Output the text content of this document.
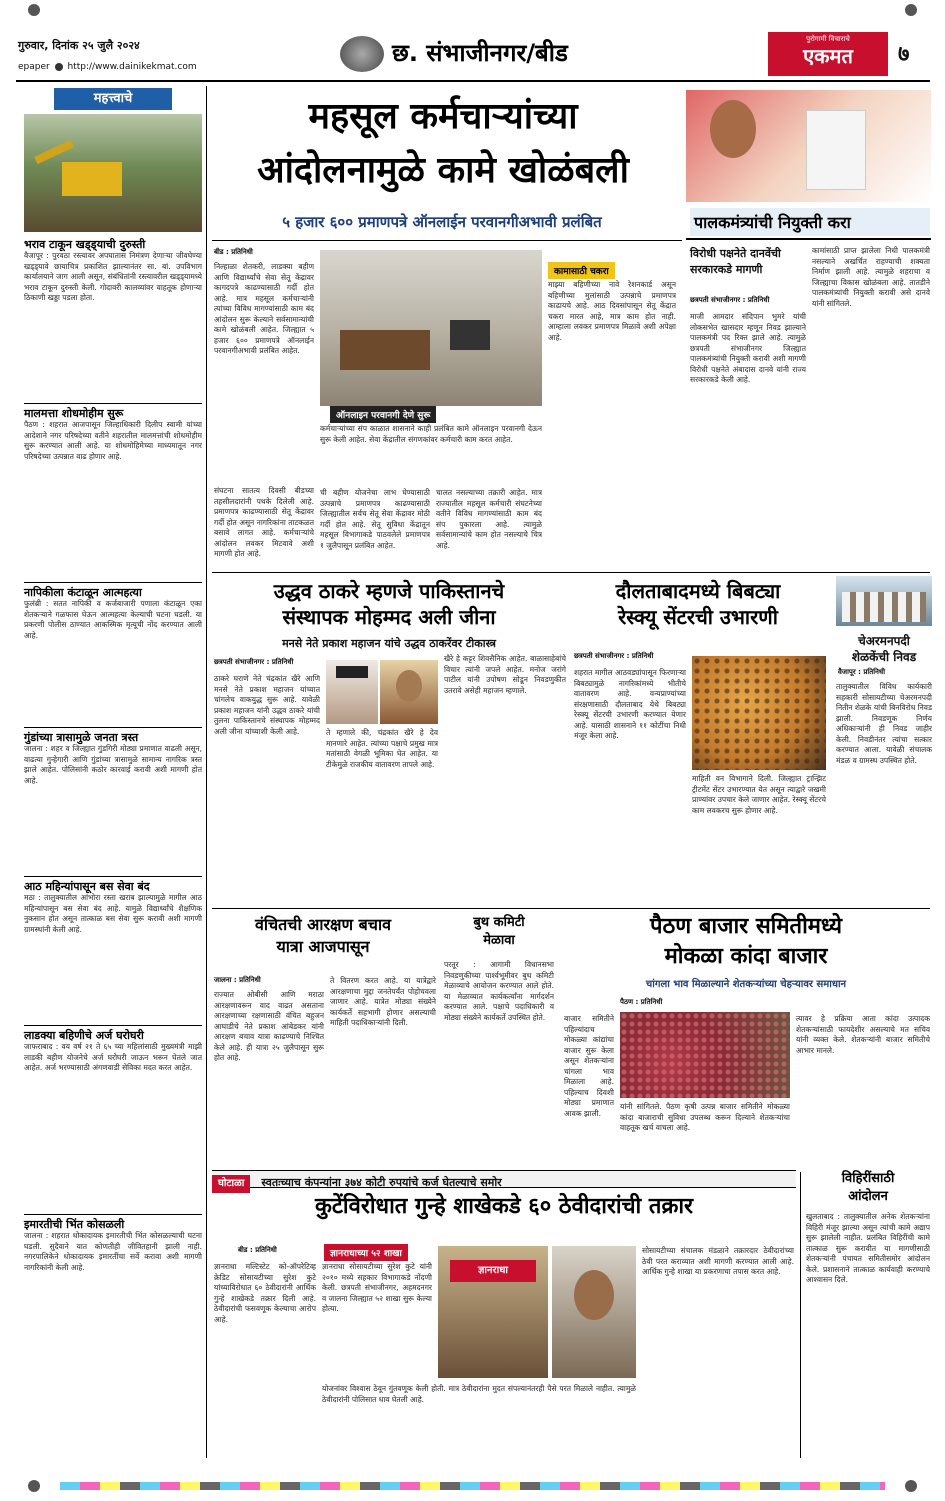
गुरुवार, दिनांक २५ जुलै २०२४
epaper http://www.dainikekmat.com	छ. संभाजीनगर/बीड	पुरोगामी विचाराचे
एकमत	७
महत्त्वाचे
भराव टाकून खड्ड्याची दुरुस्ती
वैजापूर : पुरवठा रस्त्यावर अपघातास निमंत्रण देणाऱ्या जीवघेण्या खड्ड्यावे छायाचित्र प्रकाशित झाल्यानंतर सा. बां. उपविभाग कार्यालयाने जाग आली असून, संबंधितांनी रस्त्यावरील खड्ड्यामध्ये भराव टाकून दुरुस्ती केली. गोदावरी कालव्यांवर वाहतूक होणाऱ्या ठिकाणी खड्डा पडला होता.
मालमत्ता शोधमोहीम सुरू
पैठण : शहरात आजपासून जिल्हाधिकारी दिलीप स्वामी यांच्या आदेशाने नगर परिषदेच्या वतीने शहरातील मालमत्तांची शोधमोहीम सुरू करण्यात आली आहे. या शोधमोहिमेच्या माध्यमातून नगर परिषदेच्या उत्पन्नात वाढ होणार आहे.
नापिकीला कंटाळून आत्महत्या
फुलंब्री : सतत नापिकी व कर्जबाजारी पणाला कंटाळून एका शेतकऱ्याने गळफास घेऊन आत्महत्या केल्याची घटना घडली. या प्रकरणी पोलीस ठाण्यात आकस्मिक मृत्यूची नोंद करण्यात आली आहे.
गुंडांच्या त्रासामुळे जनता त्रस्त
जालना : शहर व जिल्ह्यात गुंडगिरी मोठ्या प्रमाणात वाढली असून, वाढत्या गुन्हेगारी आणि गुंडांच्या त्रासामुळे सामान्य नागरिक त्रस्त झाले आहेत. पोलिसांनी कठोर कारवाई करावी अशी मागणी होत आहे.
आठ महिन्यांपासून बस सेवा बंद
मठा : तालुक्यातील आंभोरा रस्ता खराब झाल्यामुळे मागील आठ महिन्यांपासून बस सेवा बंद आहे. यामुळे विद्यार्थ्यांचे शैक्षणिक नुकसान होत असून तात्काळ बस सेवा सुरू करावी अशी मागणी ग्रामस्थांनी केली आहे.
लाडक्या बहिणीचे अर्ज घरोघरी
जाफराबाद : वय वर्ष २१ ते ६५ च्या महिलांसाठी मुख्यमंत्री माझी लाडकी बहीण योजनेचे अर्ज घरोघरी जाऊन भरून घेतले जात आहेत. अर्ज भरण्यासाठी अंगणवाडी सेविका मदत करत आहेत.
इमारतीची भिंत कोसळली
जालना : शहरात धोकादायक इमारतीची भिंत कोसळल्याची घटना घडली. सुदैवाने यात कोणतीही जीवितहानी झाली नाही. नगरपालिकेने धोकादायक इमारतींचा सर्वे करावा अशी मागणी नागरिकांनी केली आहे.
महसूल कर्मचाऱ्यांच्या
आंदोलनामुळे कामे खोळंबली
५ हजार ६०० प्रमाणपत्रे ऑनलाईन परवानगीअभावी प्रलंबित
बीड : प्रतिनिधी
निल्हाळा शेतकरी, लाडक्या बहीण आणि विद्यार्थ्यांचे सेवा सेतू केंद्रावर कागदपत्रे काढण्यासाठी गर्दी होत आहे. मात्र महसूल कर्मचाऱ्यांनी त्यांच्या विविध मागण्यांसाठी काम बंद आंदोलन सुरू केल्याने सर्वसामान्यांची कामे खोळंबली आहेत. जिल्ह्यात ५ हजार ६०० प्रमाणपत्रे ऑनलाईन परवानगीअभावी प्रलंबित आहेत.
संघटना सातत्य दिवसी बीडच्या तहसीलदारांनी पथके दिलेली आहे. प्रमाणपत्र काढण्यासाठी सेतू केंद्रावर गर्दी होत असून नागरिकांना ताटकळत बसावे लागत आहे. कर्मचाऱ्यांचे आंदोलन लवकर मिटवावे अशी मागणी होत आहे.
ऑनलाइन परवानगी देणे सुरू
कर्मचाऱ्यांच्या संप काळात शासनाने काही प्रलंबित कामे ऑनलाइन परवानगी देऊन सुरू केली आहेत. सेवा केंद्रातील संगणकांवर कर्मचारी काम करत आहेत.
ची बहीण योजनेचा लाभ घेण्यासाठी उत्पन्नाचे प्रमाणपत्र काढण्यासाठी जिल्ह्यातील सर्वच सेतू सेवा केंद्रावर मोठी गर्दी होत आहे. सेतू सुविधा केंद्रातून महसूल विभागाकडे पाठवलेले प्रमाणपत्र १ जुलैपासून प्रलंबित आहेत.
चालत नसल्याच्या तक्रारी आहेत. मात्र राज्यातील महसूल कर्मचारी संघटनेच्या वतीने विविध मागण्यांसाठी काम बंद संप पुकारला आहे. त्यामुळे सर्वसामान्यांचे काम होत नसल्याचे चित्र आहे.
कामासाठी चकरा
माझ्या बहिणीच्या नावे रेशनकार्ड असून बहिणीच्या मुलांसाठी उत्पन्नाचे प्रमाणपत्र काढायचे आहे. आठ दिवसांपासून सेतू केंद्रात चकरा मारत आहे, मात्र काम होत नाही. आम्हाला लवकर प्रमाणपत्र मिळावे अशी अपेक्षा आहे.
पालकमंत्र्यांची नियुक्ती करा
विरोधी पक्षनेते दानवेंची
सरकारकडे मागणी
छत्रपती संभाजीनगर : प्रतिनिधी
माजी आमदार संदिपान भुमरे यांची लोकसभेत खासदार म्हणून निवड झाल्याने पालकमंत्री पद रिक्त झाले आहे. त्यामुळे छत्रपती संभाजीनगर जिल्ह्यात पालकमंत्र्यांची नियुक्ती करावी अशी मागणी विरोधी पक्षनेते अंबादास दानवे यांनी राज्य सरकारकडे केली आहे.
कामांसाठी प्राप्त झालेला निधी पालकमंत्री नसल्याने अखर्चित राहण्याची शक्यता निर्माण झाली आहे. त्यामुळे शहराचा व जिल्ह्याचा विकास खोळंबला आहे. तातडीने पालकमंत्र्यांची नियुक्ती करावी असे दानवे यांनी सांगितले.
उद्धव ठाकरे म्हणजे पाकिस्तानचे
संस्थापक मोहम्मद अली जीना
मनसे नेते प्रकाश महाजन यांचे उद्धव ठाकरेंवर टीकास्त्र
छत्रपती संभाजीनगर : प्रतिनिधी
ठाकरे घराणे नेते चंद्रकांत खैरे आणि मनसे नेते प्रकाश महाजन यांच्यात चांगलेच वाकयुद्ध सुरू आहे. यावेळी प्रकाश महाजन यांनी उद्धव ठाकरे यांची तुलना पाकिस्तानचे संस्थापक मोहम्मद अली जीना यांच्याशी केली आहे.	ते म्हणाले की, चंद्रकांत खैरे हे देव मानणारे आहेत. त्यांच्या पक्षाचे प्रमुख मात्र मतांसाठी वेगळी भूमिका घेत आहेत. या टीकेमुळे राजकीय वातावरण तापले आहे.
खैरे हे कट्टर शिवसैनिक आहेत. बाळासाहेबांचे विचार त्यांनी जपले आहेत. मनोज जरांगे पाटील यांनी उपोषण सोडून निवडणुकीत उतरावे असेही महाजन म्हणाले.
दौलताबादमध्ये बिबट्या
रेस्क्यू सेंटरची उभारणी
छत्रपती संभाजीनगर : प्रतिनिधी
शहरात मागील आठवड्यांपासून फिरणाऱ्या बिबट्यामुळे नागरिकांमध्ये भीतीचे वातावरण आहे. वन्यप्राण्यांच्या संरक्षणासाठी दौलताबाद येथे बिबट्या रेस्क्यू सेंटरची उभारणी करण्यात येणार आहे. यासाठी शासनाने ११ कोटींचा निधी मंजूर केला आहे.
माहिती वन विभागाने दिली. जिल्ह्यात ट्रान्झिट ट्रीटमेंट सेंटर उभारण्यात येत असून त्याद्वारे जखमी प्राण्यांवर उपचार केले जाणार आहेत. रेस्क्यू सेंटरचे काम लवकरच सुरू होणार आहे.
चेअरमनपदी
शेळकेंची निवड
वैजापूर : प्रतिनिधी
तालुक्यातील विविध कार्यकारी सहकारी सोसायटीच्या चेअरमनपदी नितीन शेळके यांची बिनविरोध निवड झाली. निवडणूक निर्णय अधिकाऱ्यांनी ही निवड जाहीर केली. निवडीनंतर त्यांचा सत्कार करण्यात आला. यावेळी संचालक मंडळ व ग्रामस्थ उपस्थित होते.
वंचितची आरक्षण बचाव
यात्रा आजपासून
जालना : प्रतिनिधी
राज्यात ओबीसी आणि मराठा आरक्षणावरून वाद वाढत असताना आरक्षणाच्या रक्षणासाठी वंचित बहुजन आघाडीचे नेते प्रकाश आंबेडकर यांनी आरक्षण बचाव यात्रा काढण्याचे निश्चित केले आहे. ही यात्रा २५ जुलैपासून सुरू होत आहे.
ते वितरण करत आहे. या यात्रेद्वारे आरक्षणाचा मुद्दा जनतेपर्यंत पोहोचवला जाणार आहे. यात्रेत मोठ्या संख्येने कार्यकर्ते सहभागी होणार असल्याची माहिती पदाधिकाऱ्यांनी दिली.
बुथ कमिटी
मेळावा
परतूर : आगामी विधानसभा निवडणुकीच्या पार्श्वभूमीवर बुथ कमिटी मेळाव्याचे आयोजन करण्यात आले होते. या मेळाव्यात कार्यकर्त्यांना मार्गदर्शन करण्यात आले. पक्षाचे पदाधिकारी व मोठ्या संख्येने कार्यकर्ते उपस्थित होते.
पैठण बाजार समितीमध्ये
मोकळा कांदा बाजार
चांगला भाव मिळाल्याने शेतकऱ्यांच्या चेहऱ्यावर समाधान
पैठण : प्रतिनिधी
बाजार समितीने पहिल्यांदाच मोकळ्या कांद्यांचा बाजार सुरू केला असून शेतकऱ्यांना चांगला भाव मिळाला आहे. पहिल्याच दिवशी मोठ्या प्रमाणात आवक झाली.
यांनी सांगितले. पैठण कृषी उत्पन्न बाजार समितीने मोकळ्या कांदा बाजाराची सुविधा उपलब्ध करून दिल्याने शेतकऱ्यांचा वाहतूक खर्च वाचला आहे.
त्यावर हे प्रक्रिया आता कांदा उत्पादक शेतकऱ्यांसाठी फायदेशीर असल्याचे मत सचिव यांनी व्यक्त केले. शेतकऱ्यांनी बाजार समितीचे आभार मानले.
घोटाळा स्वतःच्याच कंपन्यांना ३७४ कोटी रुपयांचे कर्ज घेतल्याचे समोर
कुटेंविरोधात गुन्हे शाखेकडे ६० ठेवीदारांची तक्रार
बीड : प्रतिनिधी	ज्ञानराधाच्या ५२ शाखा
ज्ञानराधा मल्टिस्टेट को-ऑपरेटिव्ह क्रेडिट सोसायटीच्या सुरेश कुटे यांच्याविरोधात ६० ठेवीदारांनी आर्थिक गुन्हे शाखेकडे तक्रार दिली आहे. ठेवीदारांची फसवणूक केल्याचा आरोप आहे.
ज्ञानराधा सोसायटीच्या सुरेश कुटे यांनी २०१० मध्ये सहकार विभागाकडे नोंदणी केली. छत्रपती संभाजीनगर, अहमदनगर व जालना जिल्ह्यात ५२ शाखा सुरू केल्या होत्या.
ज्ञानराधा
योजनांवर विश्वास ठेवून गुंतवणूक केली होती. मात्र ठेवीदारांना मुदत संपल्यानंतरही पैसे परत मिळाले नाहीत. त्यामुळे ठेवीदारांनी पोलिसात धाव घेतली आहे.
सोसायटीच्या संचालक मंडळाने तक्रारदार ठेवीदारांच्या ठेवी परत कराव्यात अशी मागणी करण्यात आली आहे. आर्थिक गुन्हे शाखा या प्रकरणाचा तपास करत आहे.
विहिरींसाठी
आंदोलन
खुलताबाद : तालुक्यातील अनेक शेतकऱ्यांना विहिरी मंजूर झाल्या असून त्यांची कामे अद्याप सुरू झालेली नाहीत. प्रलंबित विहिरींची कामे तात्काळ सुरू करावीत या मागणीसाठी शेतकऱ्यांनी पंचायत समितीसमोर आंदोलन केले. प्रशासनाने तात्काळ कार्यवाही करण्याचे आश्वासन दिले.
